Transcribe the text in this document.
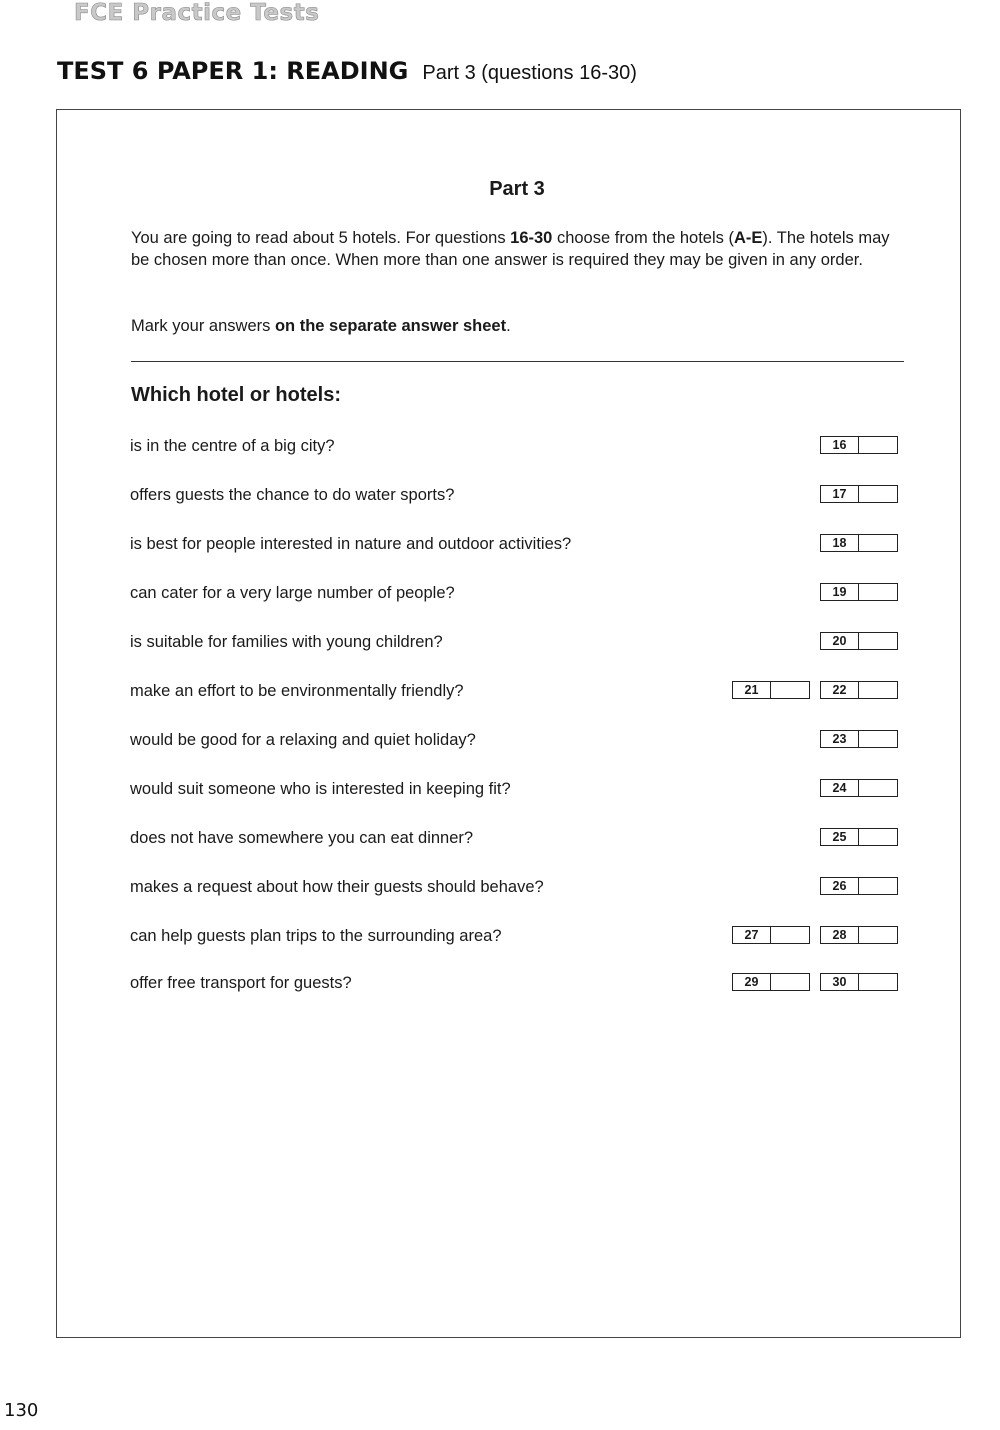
FCE Practice Tests
TEST 6 PAPER 1: READING Part 3 (questions 16-30)
Part 3
You are going to read about 5 hotels. For questions 16-30 choose from the hotels (A-E). The hotels may be chosen more than once. When more than one answer is required they may be given in any order.
Mark your answers on the separate answer sheet.
Which hotel or hotels:
is in the centre of a big city?	16
offers guests the chance to do water sports?	17
is best for people interested in nature and outdoor activities?	18
can cater for a very large number of people?	19
is suitable for families with young children?	20
make an effort to be environmentally friendly?	21	22
would be good for a relaxing and quiet holiday?	23
would suit someone who is interested in keeping fit?	24
does not have somewhere you can eat dinner?	25
makes a request about how their guests should behave?	26
can help guests plan trips to the surrounding area?	27	28
offer free transport for guests?	29	30
130
